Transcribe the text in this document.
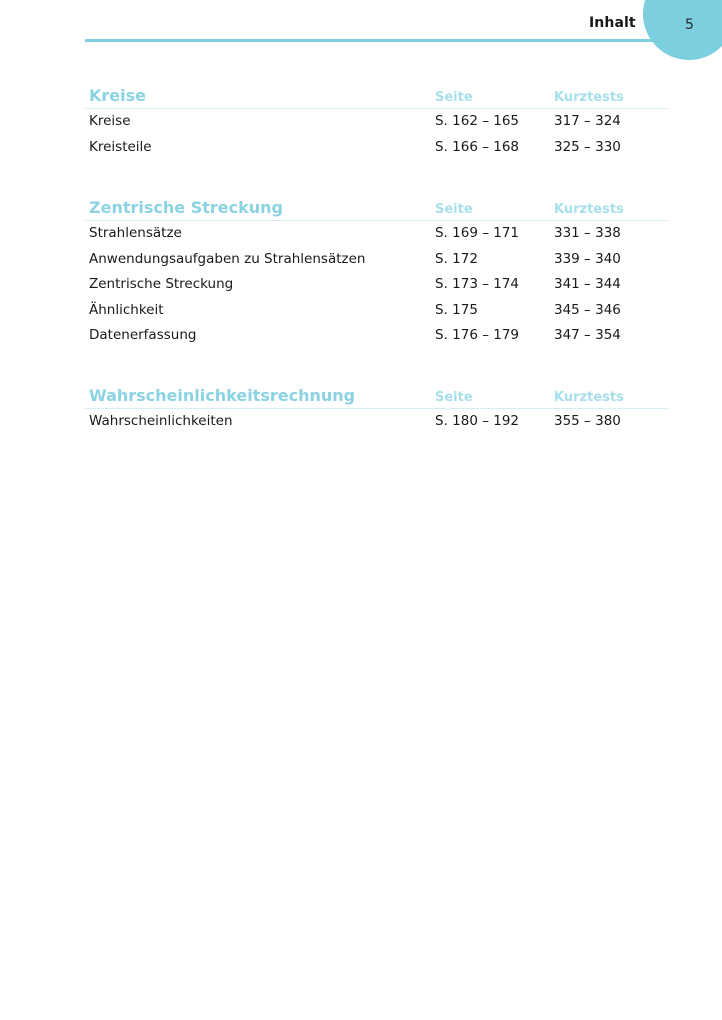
Inhalt	5
Kreise	Seite	Kurztests
Kreise	S. 162 – 165	317 – 324
Kreisteile	S. 166 – 168	325 – 330
Zentrische Streckung	Seite	Kurztests
Strahlensätze	S. 169 – 171	331 – 338
Anwendungsaufgaben zu Strahlensätzen	S. 172	339 – 340
Zentrische Streckung	S. 173 – 174	341 – 344
Ähnlichkeit	S. 175	345 – 346
Datenerfassung	S. 176 – 179	347 – 354
Wahrscheinlichkeitsrechnung	Seite	Kurztests
Wahrscheinlichkeiten	S. 180 – 192	355 – 380
